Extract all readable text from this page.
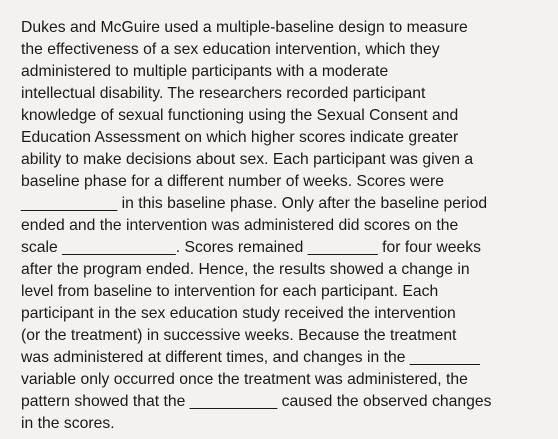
Dukes and McGuire used a multiple-baseline design to measure
the effectiveness of a sex education intervention, which they
administered to multiple participants with a moderate
intellectual disability. The researchers recorded participant
knowledge of sexual functioning using the Sexual Consent and
Education Assessment on which higher scores indicate greater
ability to make decisions about sex. Each participant was given a
baseline phase for a different number of weeks. Scores were
___________ in this baseline phase. Only after the baseline period
ended and the intervention was administered did scores on the
scale _____________. Scores remained ________ for four weeks
after the program ended. Hence, the results showed a change in
level from baseline to intervention for each participant. Each
participant in the sex education study received the intervention
(or the treatment) in successive weeks. Because the treatment
was administered at different times, and changes in the ________
variable only occurred once the treatment was administered, the
pattern showed that the __________ caused the observed changes
in the scores.
